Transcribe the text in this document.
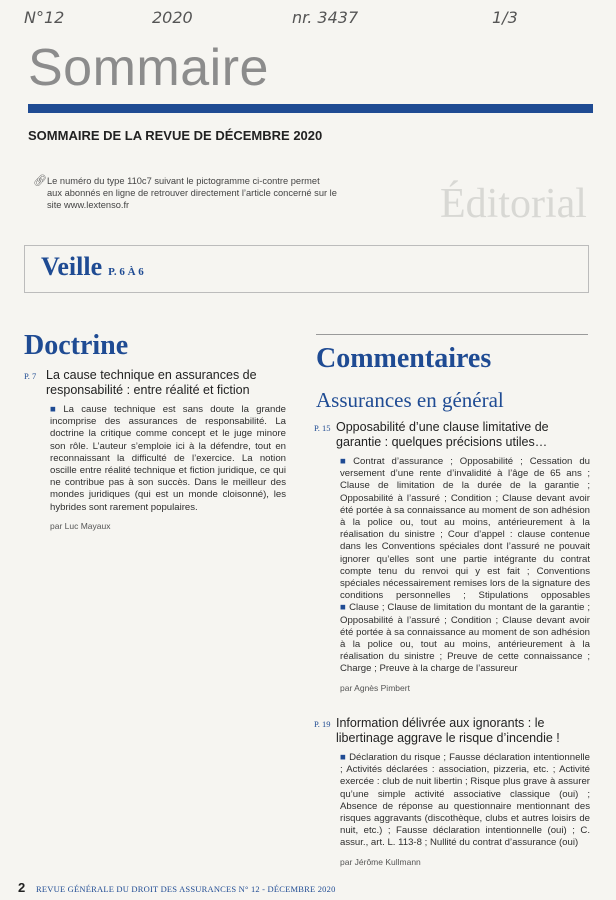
N°12	2020	nr. 3437	1/3
Sommaire
SOMMAIRE DE LA REVUE DE DÉCEMBRE 2020
🔗︎ Le numéro du type 110c7 suivant le pictogramme ci-contre permet aux abonnés en ligne de retrouver directement l’article concerné sur le site www.lextenso.fr	Éditorial
Veille P. 6 À 6
Doctrine
P. 7 La cause technique en assurances de responsabilité : entre réalité et fiction
■ La cause technique est sans doute la grande incomprise des assurances de responsabilité. La doctrine la critique comme concept et le juge minore son rôle. L’auteur s’emploie ici à la défendre, tout en reconnaissant la difficulté de l’exercice. La notion oscille entre réalité technique et fiction juridique, ce qui ne contribue pas à son succès. Dans le meilleur des mondes juridiques (qui est un monde cloisonné), les hybrides sont rarement populaires.
par Luc Mayaux
Commentaires
Assurances en général
P. 15 Opposabilité d’une clause limitative de garantie : quelques précisions utiles…
■ Contrat d’assurance ; Opposabilité ; Cessation du versement d’une rente d’invalidité à l’âge de 65 ans ; Clause de limitation de la durée de la garantie ; Opposabilité à l’assuré ; Condition ; Clause devant avoir été portée à sa connaissance au moment de son adhésion à la police ou, tout au moins, antérieurement à la réalisation du sinistre ; Cour d’appel : clause contenue dans les Conventions spéciales dont l’assuré ne pouvait ignorer qu’elles sont une partie intégrante du contrat compte tenu du renvoi qui y est fait ; Conventions spéciales nécessairement remises lors de la signature des conditions personnelles ; Stipulations opposables ■ Clause ; Clause de limitation du montant de la garantie ; Opposabilité à l’assuré ; Condition ; Clause devant avoir été portée à sa connaissance au moment de son adhésion à la police ou, tout au moins, antérieurement à la réalisation du sinistre ; Preuve de cette connaissance ; Charge ; Preuve à la charge de l’assureur
par Agnès Pimbert
P. 19 Information délivrée aux ignorants : le libertinage aggrave le risque d’incendie !
■ Déclaration du risque ; Fausse déclaration intentionnelle ; Activités déclarées : association, pizzeria, etc. ; Activité exercée : club de nuit libertin ; Risque plus grave à assurer qu’une simple activité associative classique (oui) ; Absence de réponse au questionnaire mentionnant des risques aggravants (discothèque, clubs et autres loisirs de nuit, etc.) ; Fausse déclaration intentionnelle (oui) ; C. assur., art. L. 113-8 ; Nullité du contrat d’assurance (oui)
par Jérôme Kullmann
2 REVUE GÉNÉRALE DU DROIT DES ASSURANCES N° 12 - DÉCEMBRE 2020
